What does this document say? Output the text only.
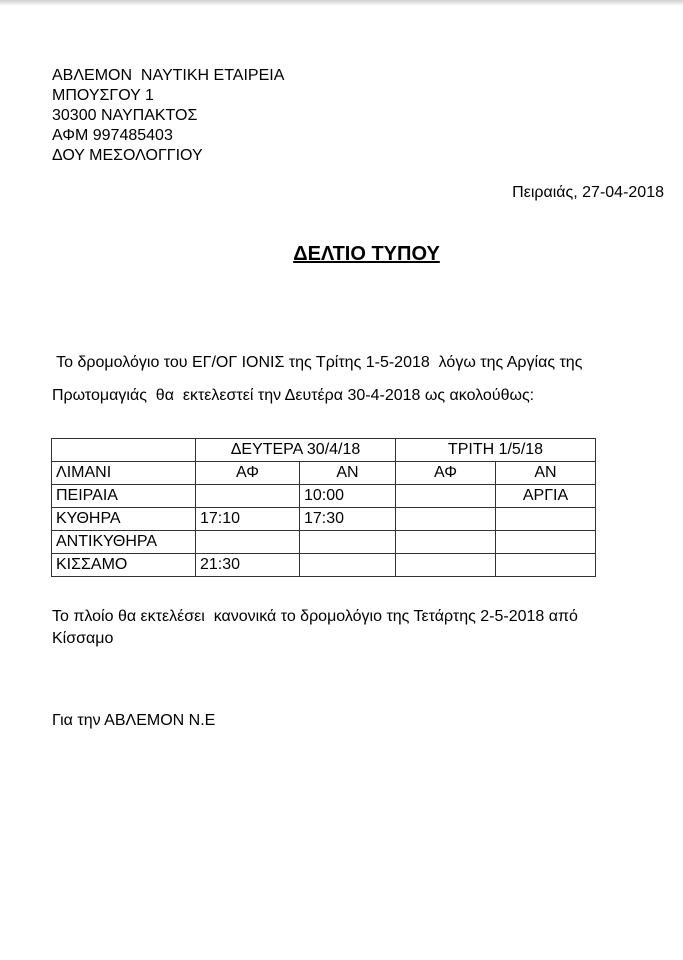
ΑΒΛΕΜΟΝ  ΝΑΥΤΙΚΗ ΕΤΑΙΡΕΙΑ
ΜΠΟΥΣΓΟΥ 1
30300 ΝΑΥΠΑΚΤΟΣ
ΑΦΜ 997485403
ΔΟΥ ΜΕΣΟΛΟΓΓΙΟΥ
Πειραιάς, 27-04-2018
ΔΕΛΤΙΟ ΤΥΠΟΥ
Το δρομολόγιο του ΕΓ/ΟΓ ΙΟΝΙΣ της Τρίτης 1-5-2018  λόγω της Αργίας της
Πρωτομαγιάς  θα  εκτελεστεί την Δευτέρα 30-4-2018 ως ακολούθως:
	ΔΕΥΤΕΡΑ 30/4/18		ΤΡΙΤΗ 1/5/18	
ΛΙΜΑΝΙ	ΑΦ	ΑΝ	ΑΦ	ΑΝ
ΠΕΙΡΑΙΑ		10:00		ΑΡΓΙΑ
ΚΥΘΗΡΑ	17:10	17:30		
ΑΝΤΙΚΥΘΗΡΑ				
ΚΙΣΣΑΜΟ	21:30			
Το πλοίο θα εκτελέσει  κανονικά το δρομολόγιο της Τετάρτης 2-5-2018 από
Κίσσαμο
Για την ΑΒΛΕΜΟΝ Ν.Ε
